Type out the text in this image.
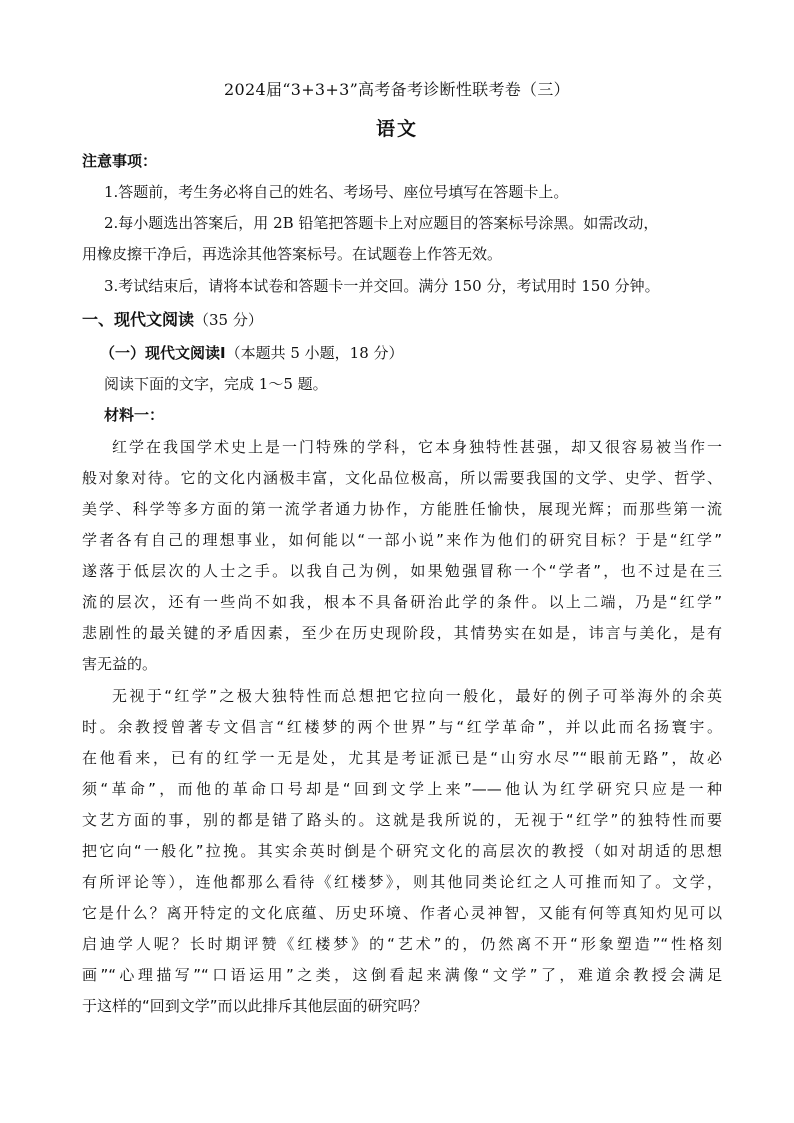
2024届“3+3+3”高考备考诊断性联考卷（三）
语文
注意事项：
1.答题前，考生务必将自己的姓名、考场号、座位号填写在答题卡上。
2.每小题选出答案后，用 2B 铅笔把答题卡上对应题目的答案标号涂黑。如需改动，
用橡皮擦干净后，再选涂其他答案标号。在试题卷上作答无效。
3.考试结束后，请将本试卷和答题卡一并交回。满分 150 分，考试用时 150 分钟。
一、现代文阅读（35 分）
（一）现代文阅读Ⅰ（本题共 5 小题，18 分）
阅读下面的文字，完成 1～5 题。
材料一：
红学在我国学术史上是一门特殊的学科，它本身独特性甚强，却又很容易被当作一
般对象对待。它的文化内涵极丰富，文化品位极高，所以需要我国的文学、史学、哲学、
美学、科学等多方面的第一流学者通力协作，方能胜任愉快，展现光辉；而那些第一流
学者各有自己的理想事业，如何能以“一部小说”来作为他们的研究目标？于是“红学”
遂落于低层次的人士之手。以我自己为例，如果勉强冒称一个“学者”，也不过是在三
流的层次，还有一些尚不如我，根本不具备研治此学的条件。以上二端，乃是“红学”
悲剧性的最关键的矛盾因素，至少在历史现阶段，其情势实在如是，讳言与美化，是有
害无益的。
无视于“红学”之极大独特性而总想把它拉向一般化，最好的例子可举海外的余英
时。余教授曾著专文倡言“红楼梦的两个世界”与“红学革命”，并以此而名扬寰宇。
在他看来，已有的红学一无是处，尤其是考证派已是“山穷水尽”“眼前无路”，故必
须“革命”，而他的革命口号却是“回到文学上来”——他认为红学研究只应是一种
文艺方面的事，别的都是错了路头的。这就是我所说的，无视于“红学”的独特性而要
把它向“一般化”拉挽。其实余英时倒是个研究文化的高层次的教授（如对胡适的思想
有所评论等），连他都那么看待《红楼梦》，则其他同类论红之人可推而知了。文学，
它是什么？离开特定的文化底蕴、历史环境、作者心灵神智，又能有何等真知灼见可以
启迪学人呢？长时期评赞《红楼梦》的“艺术”的，仍然离不开“形象塑造”“性格刻
画”“心理描写”“口语运用”之类，这倒看起来满像“文学”了，难道余教授会满足
于这样的“回到文学”而以此排斥其他层面的研究吗？
